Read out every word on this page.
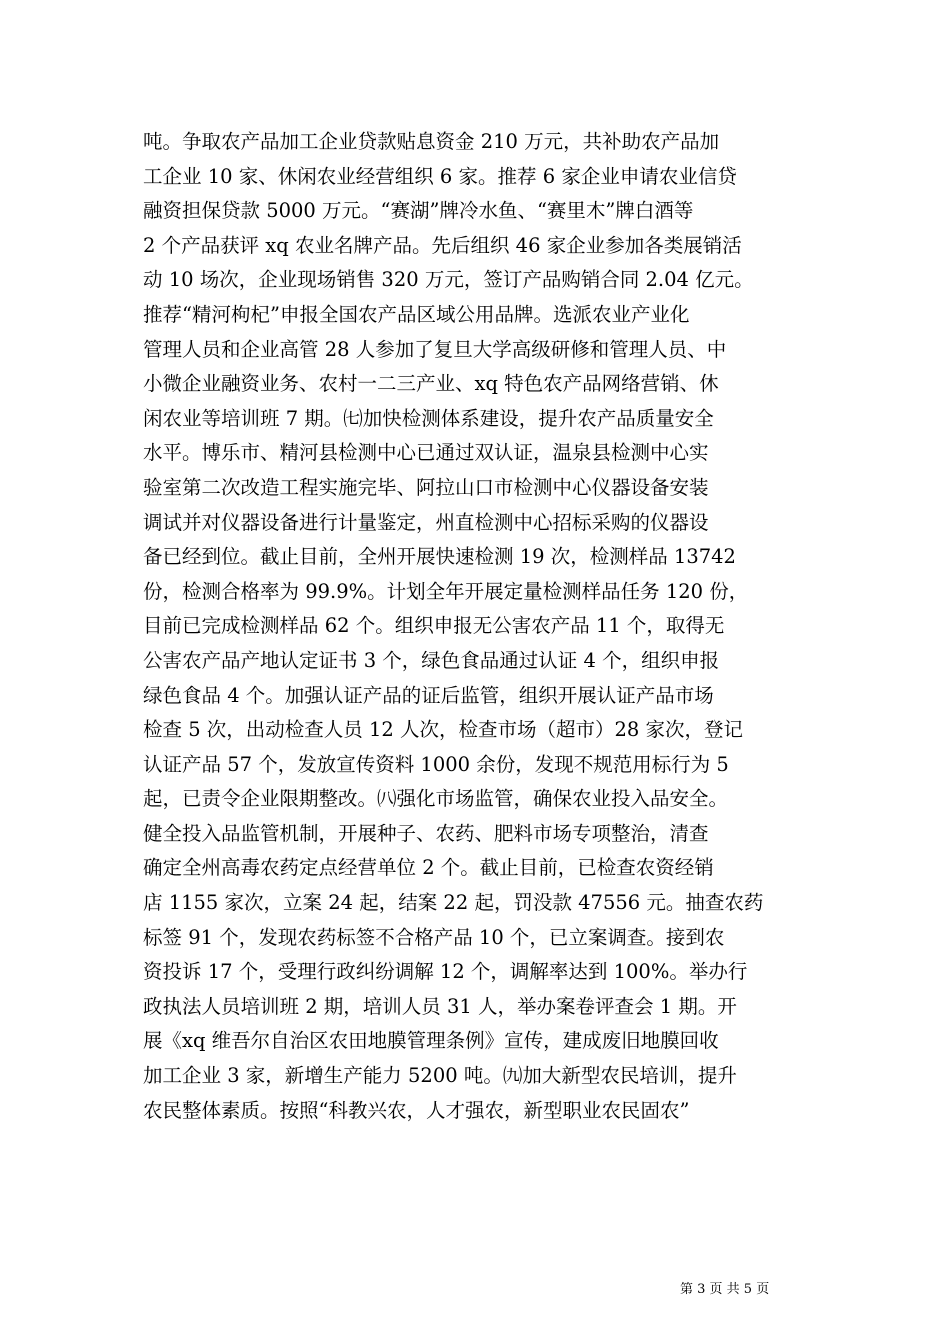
吨。争取农产品加工企业贷款贴息资金 210 万元，共补助农产品加
工企业 10 家、休闲农业经营组织 6 家。推荐 6 家企业申请农业信贷
融资担保贷款 5000 万元。“赛湖”牌冷水鱼、“赛里木”牌白酒等
2 个产品获评 xq 农业名牌产品。先后组织 46 家企业参加各类展销活
动 10 场次，企业现场销售 320 万元，签订产品购销合同 2.04 亿元。
推荐“精河枸杞”申报全国农产品区域公用品牌。选派农业产业化
管理人员和企业高管 28 人参加了复旦大学高级研修和管理人员、中
小微企业融资业务、农村一二三产业、xq 特色农产品网络营销、休
闲农业等培训班 7 期。㈦加快检测体系建设，提升农产品质量安全
水平。博乐市、精河县检测中心已通过双认证，温泉县检测中心实
验室第二次改造工程实施完毕、阿拉山口市检测中心仪器设备安装
调试并对仪器设备进行计量鉴定，州直检测中心招标采购的仪器设
备已经到位。截止目前，全州开展快速检测 19 次，检测样品 13742
份，检测合格率为 99.9%。计划全年开展定量检测样品任务 120 份，
目前已完成检测样品 62 个。组织申报无公害农产品 11 个，取得无
公害农产品产地认定证书 3 个，绿色食品通过认证 4 个，组织申报
绿色食品 4 个。加强认证产品的证后监管，组织开展认证产品市场
检查 5 次，出动检查人员 12 人次，检查市场（超市）28 家次，登记
认证产品 57 个，发放宣传资料 1000 余份，发现不规范用标行为 5
起，已责令企业限期整改。㈧强化市场监管，确保农业投入品安全。
健全投入品监管机制，开展种子、农药、肥料市场专项整治，清查
确定全州高毒农药定点经营单位 2 个。截止目前，已检查农资经销
店 1155 家次，立案 24 起，结案 22 起，罚没款 47556 元。抽查农药
标签 91 个，发现农药标签不合格产品 10 个，已立案调查。接到农
资投诉 17 个，受理行政纠纷调解 12 个，调解率达到 100%。举办行
政执法人员培训班 2 期，培训人员 31 人，举办案卷评查会 1 期。开
展《xq 维吾尔自治区农田地膜管理条例》宣传，建成废旧地膜回收
加工企业 3 家，新增生产能力 5200 吨。㈨加大新型农民培训，提升
农民整体素质。按照“科教兴农，人才强农，新型职业农民固农”
第 3 页 共 5 页
